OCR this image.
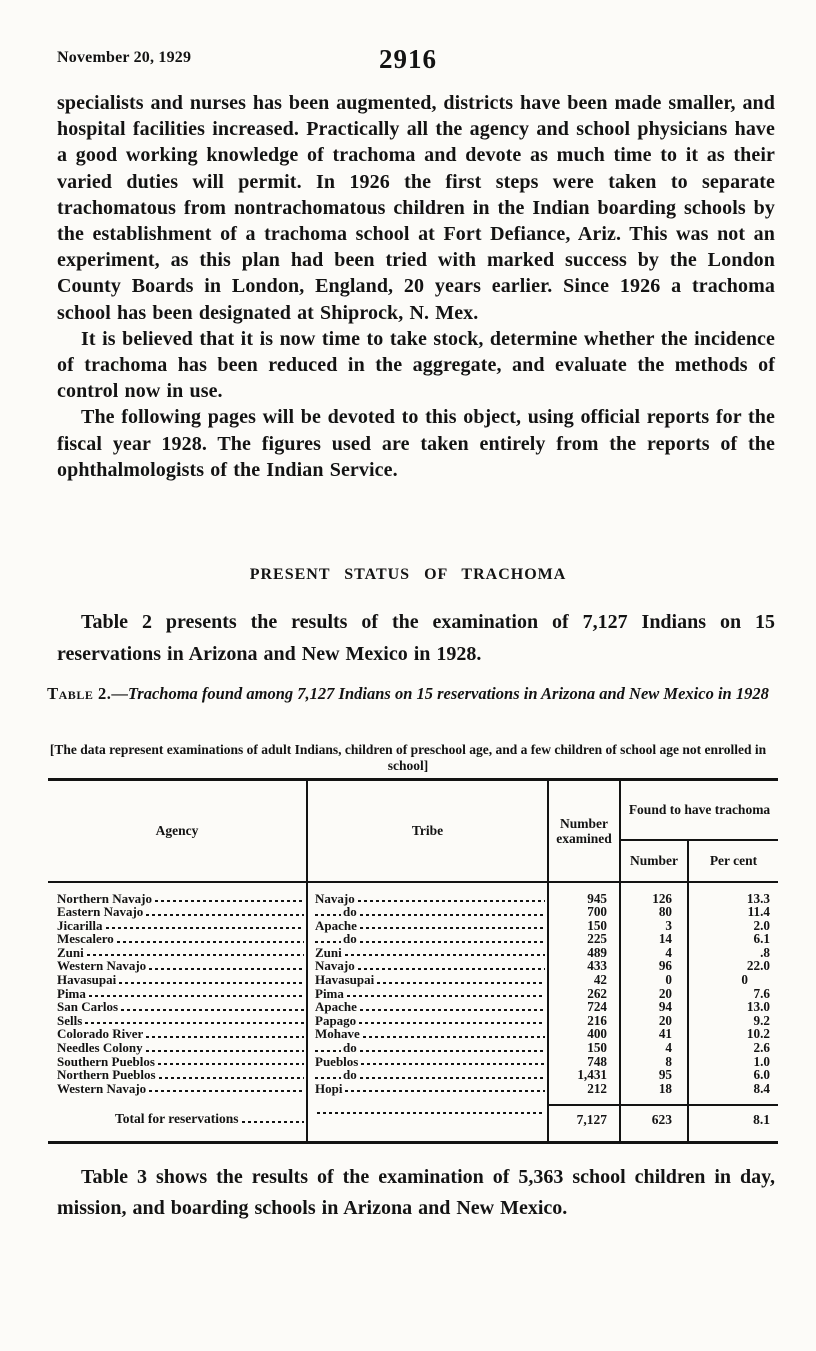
November 20, 1929	2916

specialists and nurses has been augmented, districts have been made smaller, and hospital facilities increased. Practically all the agency and school physicians have a good working knowledge of trachoma and devote as much time to it as their varied duties will permit. In 1926 the first steps were taken to separate trachomatous from nontrachomatous children in the Indian boarding schools by the establishment of a trachoma school at Fort Defiance, Ariz. This was not an experiment, as this plan had been tried with marked success by the London County Boards in London, England, 20 years earlier. Since 1926 a trachoma school has been designated at Shiprock, N. Mex.

It is believed that it is now time to take stock, determine whether the incidence of trachoma has been reduced in the aggregate, and evaluate the methods of control now in use.

The following pages will be devoted to this object, using official reports for the fiscal year 1928. The figures used are taken entirely from the reports of the ophthalmologists of the Indian Service.

PRESENT STATUS OF TRACHOMA

Table 2 presents the results of the examination of 7,127 Indians on 15 reservations in Arizona and New Mexico in 1928.

Table 2.—Trachoma found among 7,127 Indians on 15 reservations in Arizona and New Mexico in 1928

[The data represent examinations of adult Indians, children of preschool age, and a few children of school age not enrolled in school]

Agency	Tribe	Number examined	Found to have trachoma	
			Number	Per cent

Northern Navajo	Navajo	945	126	13.3

Eastern Navajo	do	700	80	11.4

Jicarilla	Apache	150	3	2.0

Mescalero	do	225	14	6.1

Zuni	Zuni	489	4	.8

Western Navajo	Navajo	433	96	22.0

Havasupai	Havasupai	42	0	0

Pima	Pima	262	20	7.6

San Carlos	Apache	724	94	13.0

Sells	Papago	216	20	9.2

Colorado River	Mohave	400	41	10.2

Needles Colony	do	150	4	2.6

Southern Pueblos	Pueblos	748	8	1.0

Northern Pueblos	do	1,431	95	6.0

Western Navajo	Hopi	212	18	8.4

Total for reservations		7,127	623	8.1

Table 3 shows the results of the examination of 5,363 school children in day, mission, and boarding schools in Arizona and New Mexico.
